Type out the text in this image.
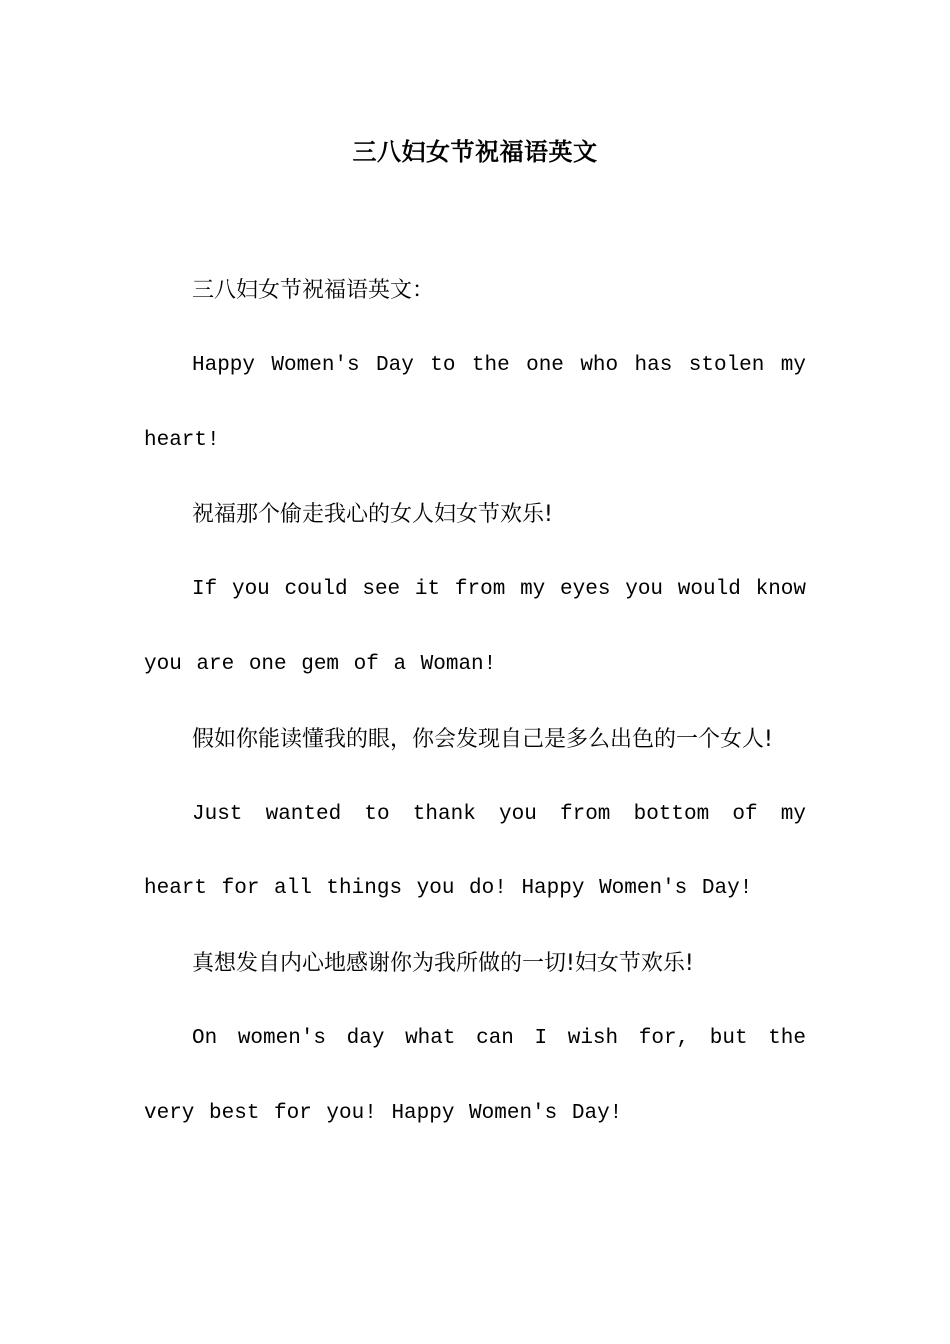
三八妇女节祝福语英文

三八妇女节祝福语英文：

Happy Women's Day to the one who has stolen my heart!

祝福那个偷走我心的女人妇女节欢乐!

If you could see it from my eyes you would know you are one gem of a Woman!

假如你能读懂我的眼，你会发现自己是多么出色的一个女人!

Just wanted to thank you from bottom of my heart for all things you do! Happy Women's Day!

真想发自内心地感谢你为我所做的一切!妇女节欢乐!

On women's day what can I wish for, but the very best for you! Happy Women's Day!
